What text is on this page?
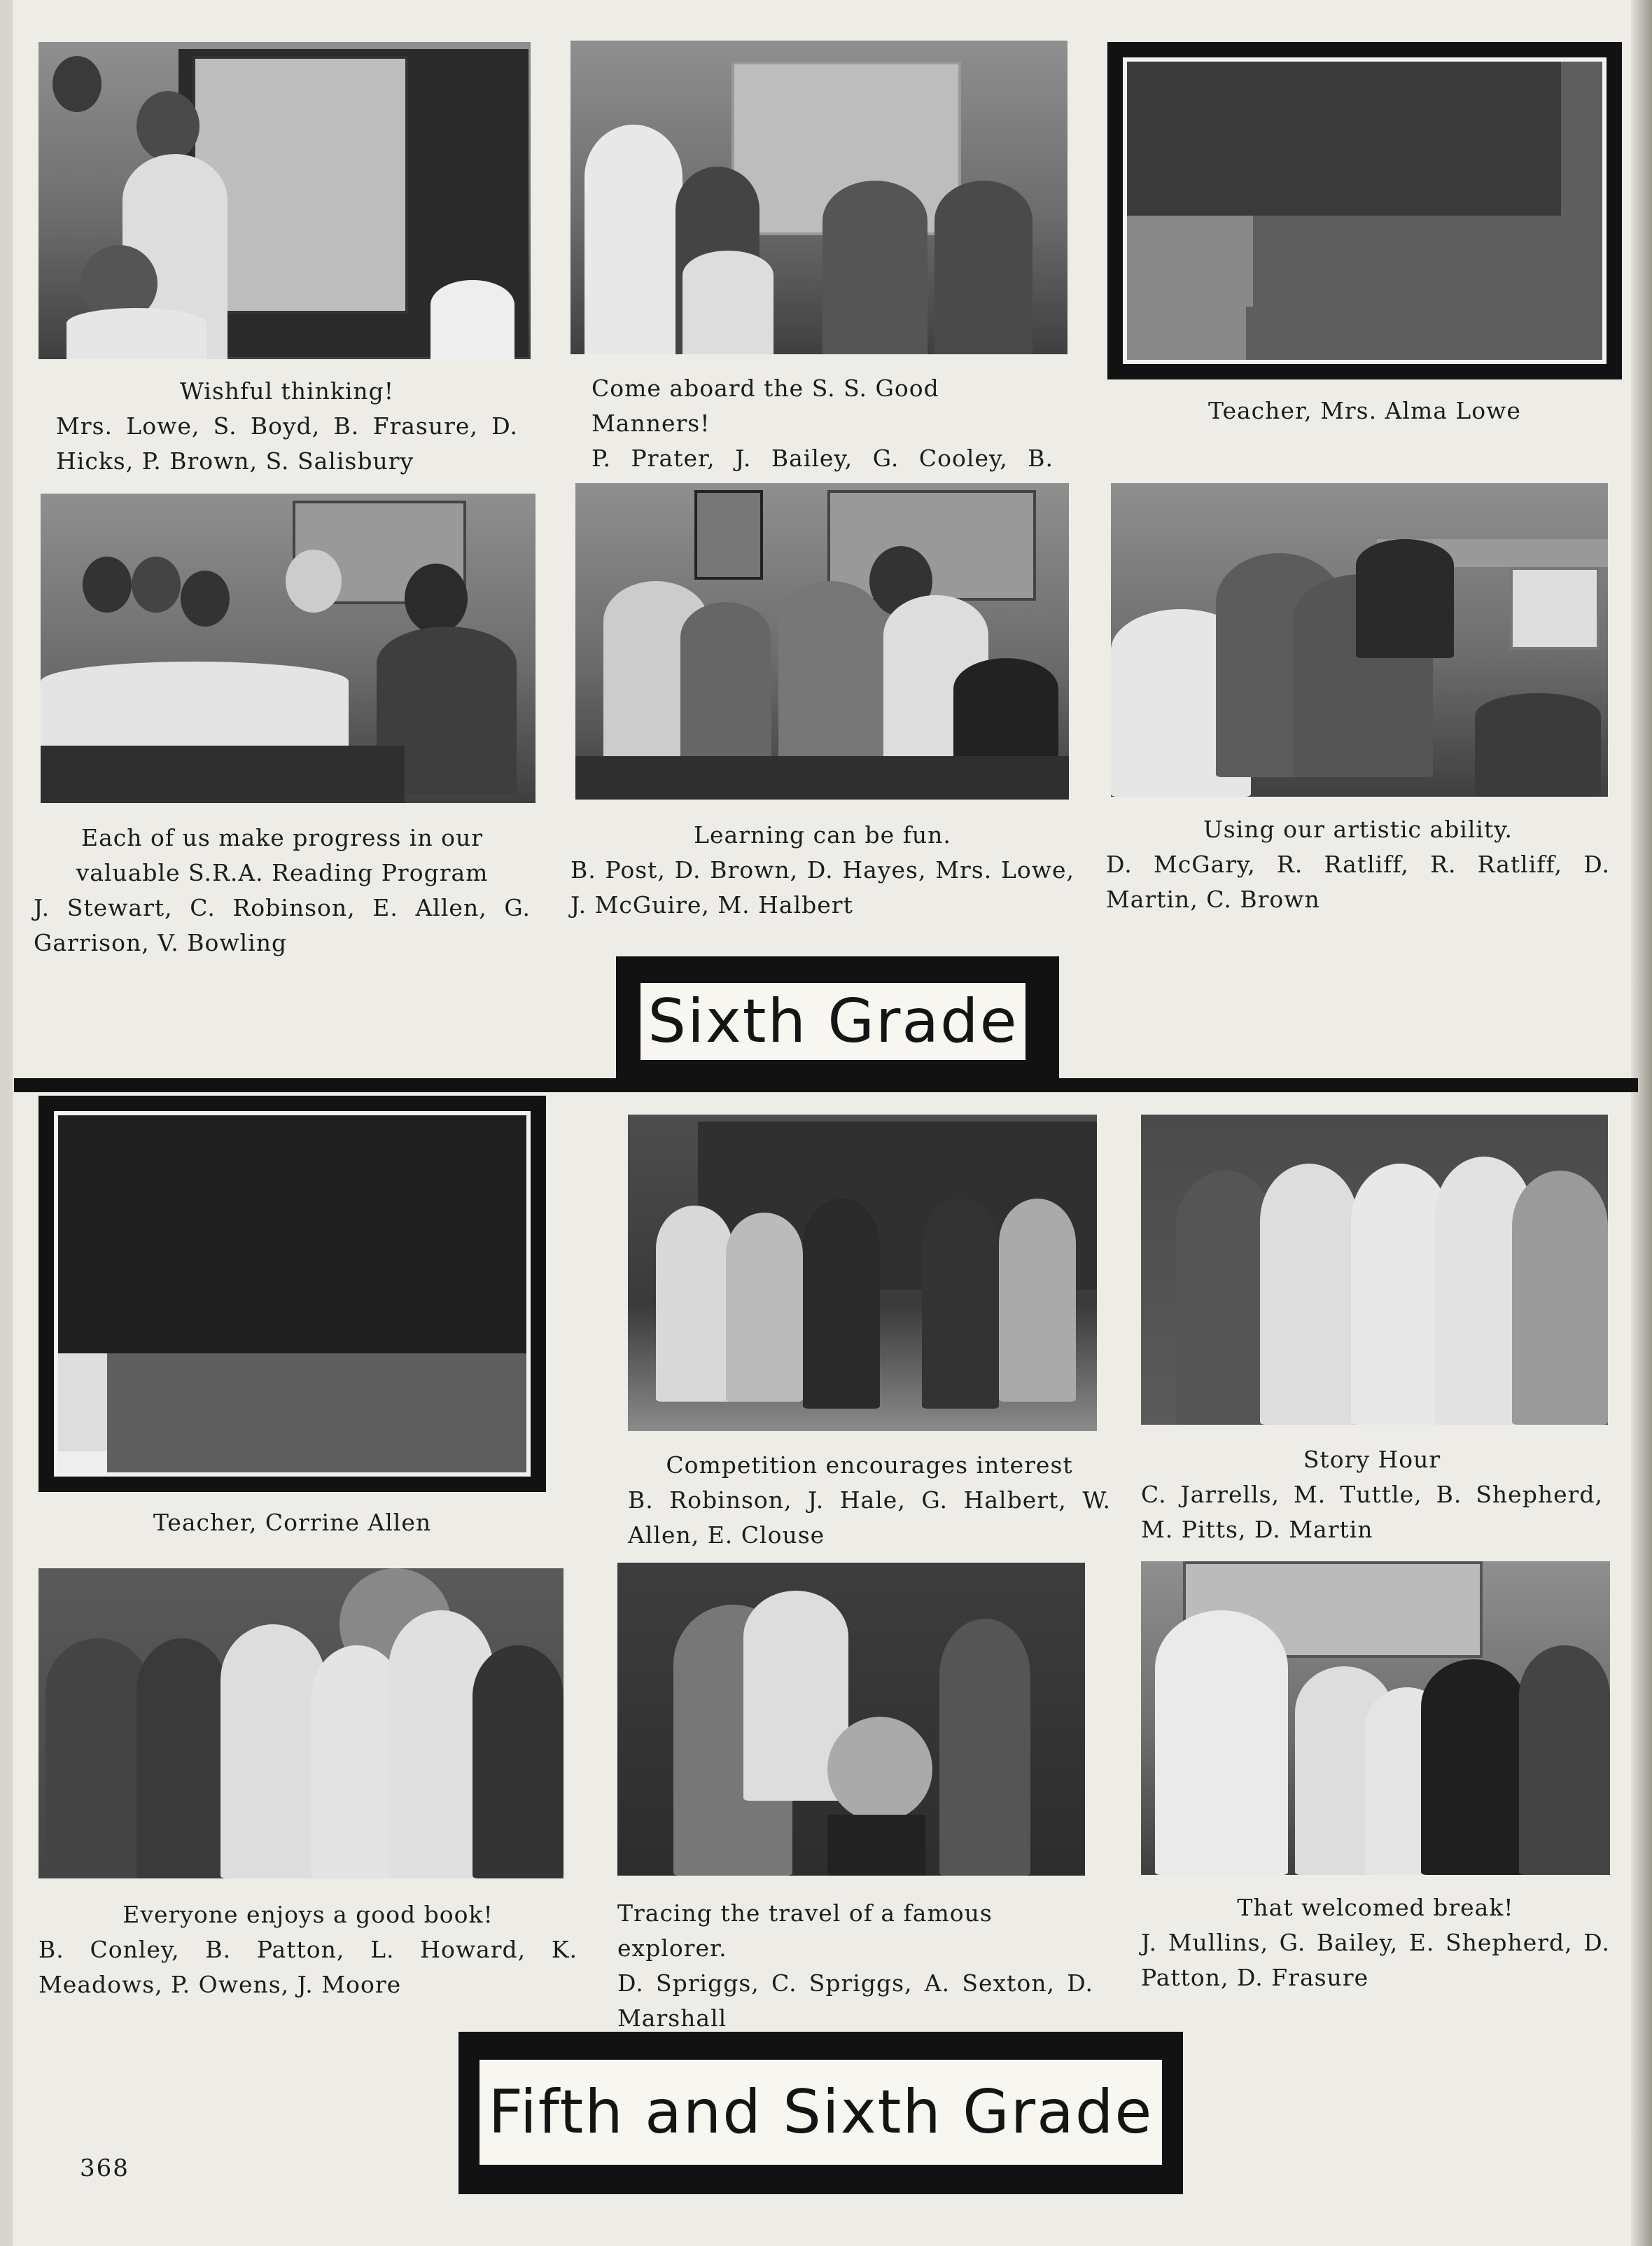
Wishful thinking!
Mrs. Lowe, S. Boyd, B. Frasure, D. Hicks, P. Brown, S. Salisbury
Come aboard the S. S. Good Manners!
P. Prater, J. Bailey, G. Cooley, B.
Teacher, Mrs. Alma Lowe
Each of us make progress in our valuable S.R.A. Reading Program
J. Stewart, C. Robinson, E. Allen, G. Garrison, V. Bowling
Learning can be fun.
B. Post, D. Brown, D. Hayes, Mrs. Lowe, J. McGuire, M. Halbert
Using our artistic ability.
D. McGary, R. Ratliff, R. Ratliff, D. Martin, C. Brown
Sixth Grade
Teacher, Corrine Allen
Competition encourages interest
B. Robinson, J. Hale, G. Halbert, W. Allen, E. Clouse
Story Hour
C. Jarrells, M. Tuttle, B. Shepherd, M. Pitts, D. Martin
Everyone enjoys a good book!
B. Conley, B. Patton, L. Howard, K. Meadows, P. Owens, J. Moore
Tracing the travel of a famous explorer.
D. Spriggs, C. Spriggs, A. Sexton, D. Marshall
That welcomed break!
J. Mullins, G. Bailey, E. Shepherd, D. Patton, D. Frasure
Fifth and Sixth Grade
368
